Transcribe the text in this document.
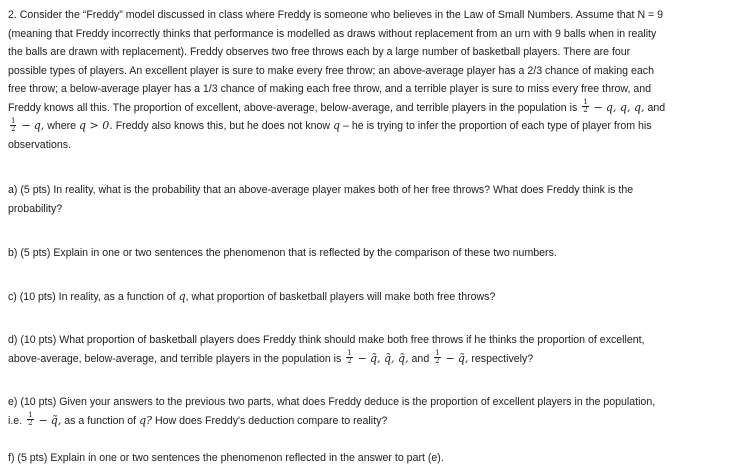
2. Consider the “Freddy” model discussed in class where Freddy is someone who believes in the Law of Small Numbers. Assume that N = 9
(meaning that Freddy incorrectly thinks that performance is modelled as draws without replacement from an urn with 9 balls when in reality
the balls are drawn with replacement). Freddy observes two free throws each by a large number of basketball players. There are four
possible types of players. An excellent player is sure to make every free throw; an above-average player has a 2/3 chance of making each
free throw; a below-average player has a 1/3 chance of making each free throw, and a terrible player is sure to miss every free throw, and
Freddy knows all this. The proportion of excellent, above-average, below-average, and terrible players in the population is $\frac{1}{2} - q$, q, q, and
$\frac{1}{2} - q$, where q > 0. Freddy also knows this, but he does not know q – he is trying to infer the proportion of each type of player from his
observations.
a) (5 pts) In reality, what is the probability that an above-average player makes both of her free throws? What does Freddy think is the
probability?
b) (5 pts) Explain in one or two sentences the phenomenon that is reflected by the comparison of these two numbers.
c) (10 pts) In reality, as a function of q, what proportion of basketball players will make both free throws?
d) (10 pts) What proportion of basketball players does Freddy think should make both free throws if he thinks the proportion of excellent,
above-average, below-average, and terrible players in the population is $\frac{1}{2}$ − q̃, q̃, q̃, and $\frac{1}{2}$ − q̃, respectively?
e) (10 pts) Given your answers to the previous two parts, what does Freddy deduce is the proportion of excellent players in the population,
i.e. $\frac{1}{2}$ − q̃, as a function of q? How does Freddy's deduction compare to reality?
f) (5 pts) Explain in one or two sentences the phenomenon reflected in the answer to part (e).
